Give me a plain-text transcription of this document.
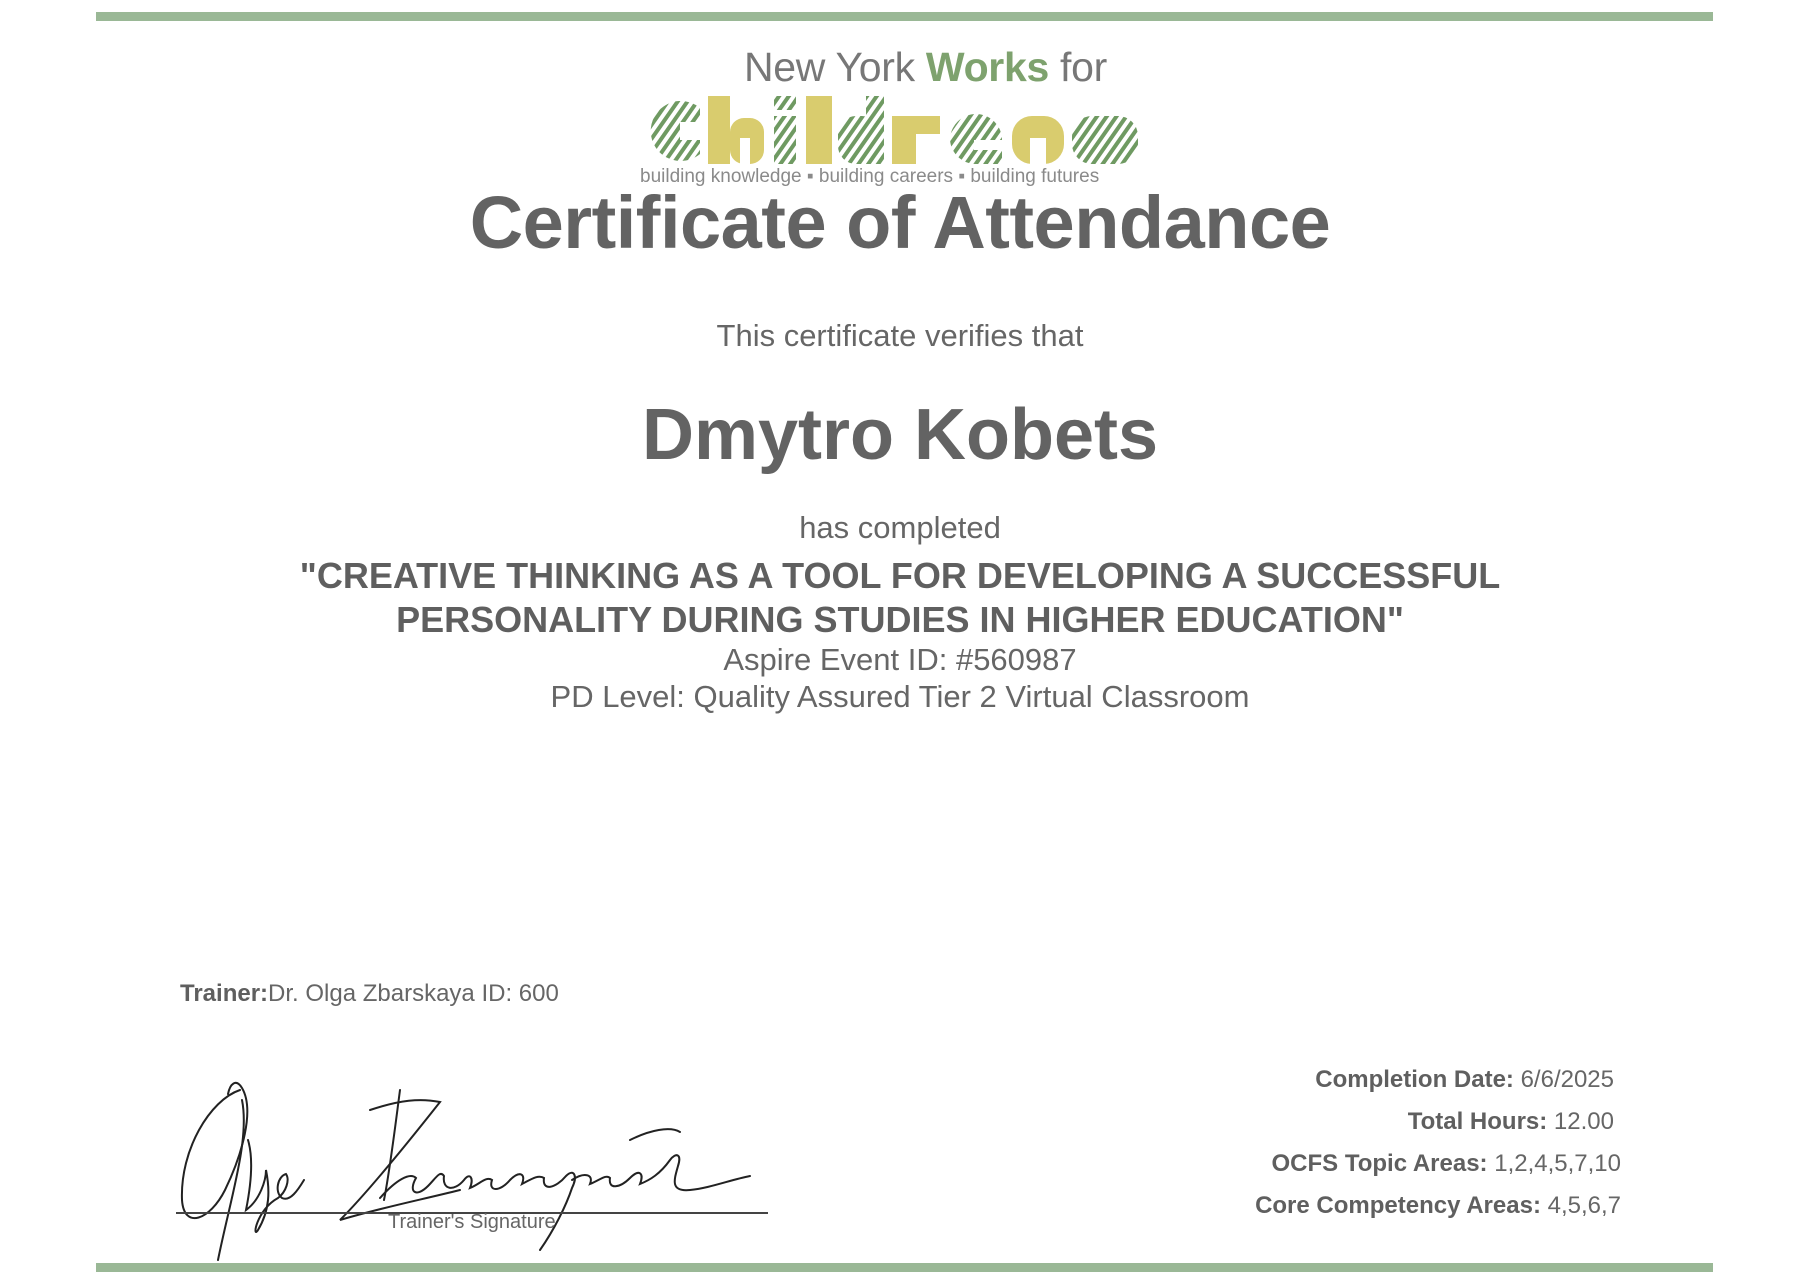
New York Works for
building knowledge ▪ building careers ▪ building futures
Certificate of Attendance
This certificate verifies that
Dmytro Kobets
has completed
"CREATIVE THINKING AS A TOOL FOR DEVELOPING A SUCCESSFUL
PERSONALITY DURING STUDIES IN HIGHER EDUCATION"
Aspire Event ID: #560987
PD Level: Quality Assured Tier 2 Virtual Classroom
Trainer:Dr. Olga Zbarskaya ID: 600
Trainer's Signature
Completion Date: 6/6/2025
Total Hours: 12.00
OCFS Topic Areas: 1,2,4,5,7,10
Core Competency Areas: 4,5,6,7
